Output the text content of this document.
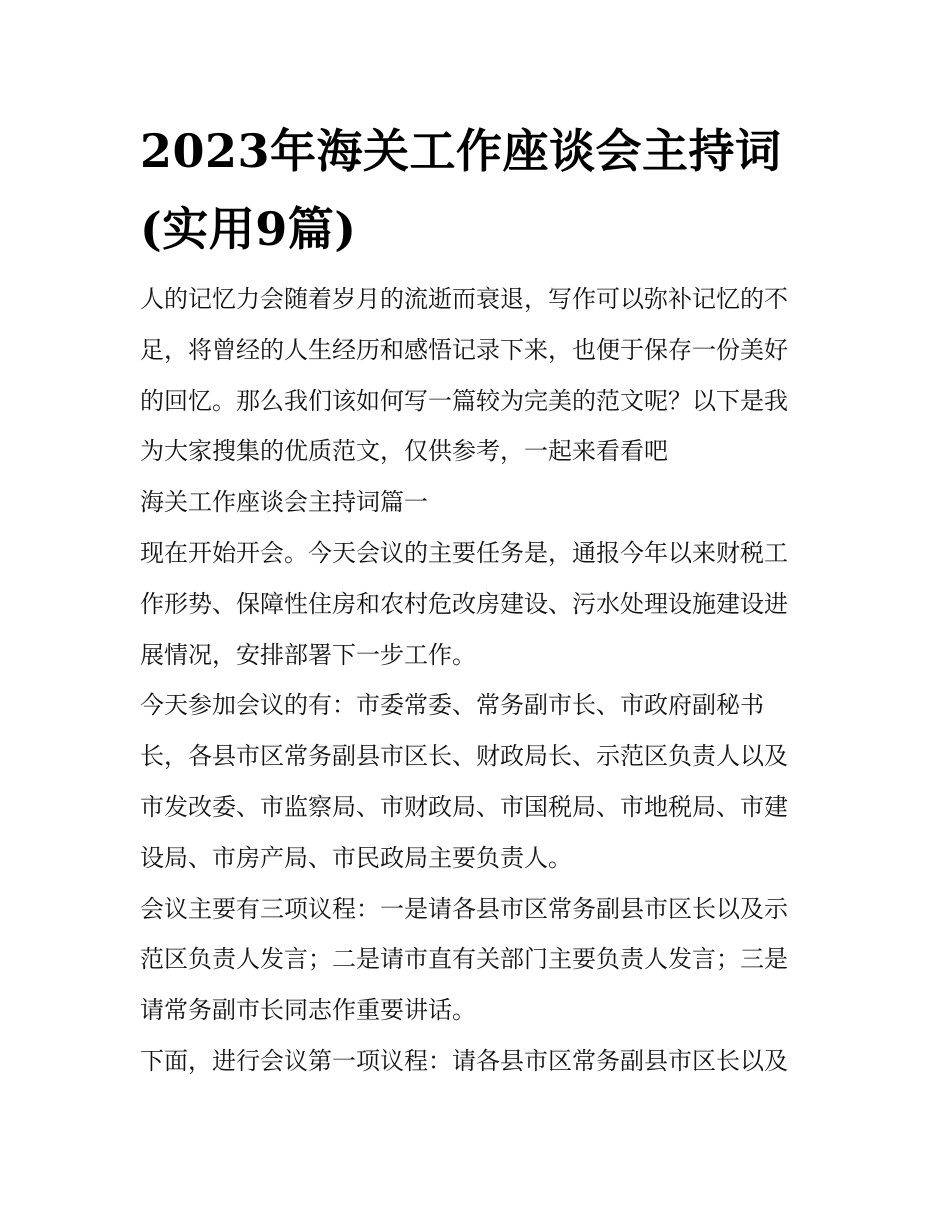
2023年海关工作座谈会主持词
(实用9篇)
人的记忆力会随着岁月的流逝而衰退，写作可以弥补记忆的不
足，将曾经的人生经历和感悟记录下来，也便于保存一份美好
的回忆。那么我们该如何写一篇较为完美的范文呢？以下是我
为大家搜集的优质范文，仅供参考，一起来看看吧
海关工作座谈会主持词篇一
现在开始开会。今天会议的主要任务是，通报今年以来财税工
作形势、保障性住房和农村危改房建设、污水处理设施建设进
展情况，安排部署下一步工作。
今天参加会议的有：市委常委、常务副市长、市政府副秘书
长，各县市区常务副县市区长、财政局长、示范区负责人以及
市发改委、市监察局、市财政局、市国税局、市地税局、市建
设局、市房产局、市民政局主要负责人。
会议主要有三项议程：一是请各县市区常务副县市区长以及示
范区负责人发言；二是请市直有关部门主要负责人发言；三是
请常务副市长同志作重要讲话。
下面，进行会议第一项议程：请各县市区常务副县市区长以及
